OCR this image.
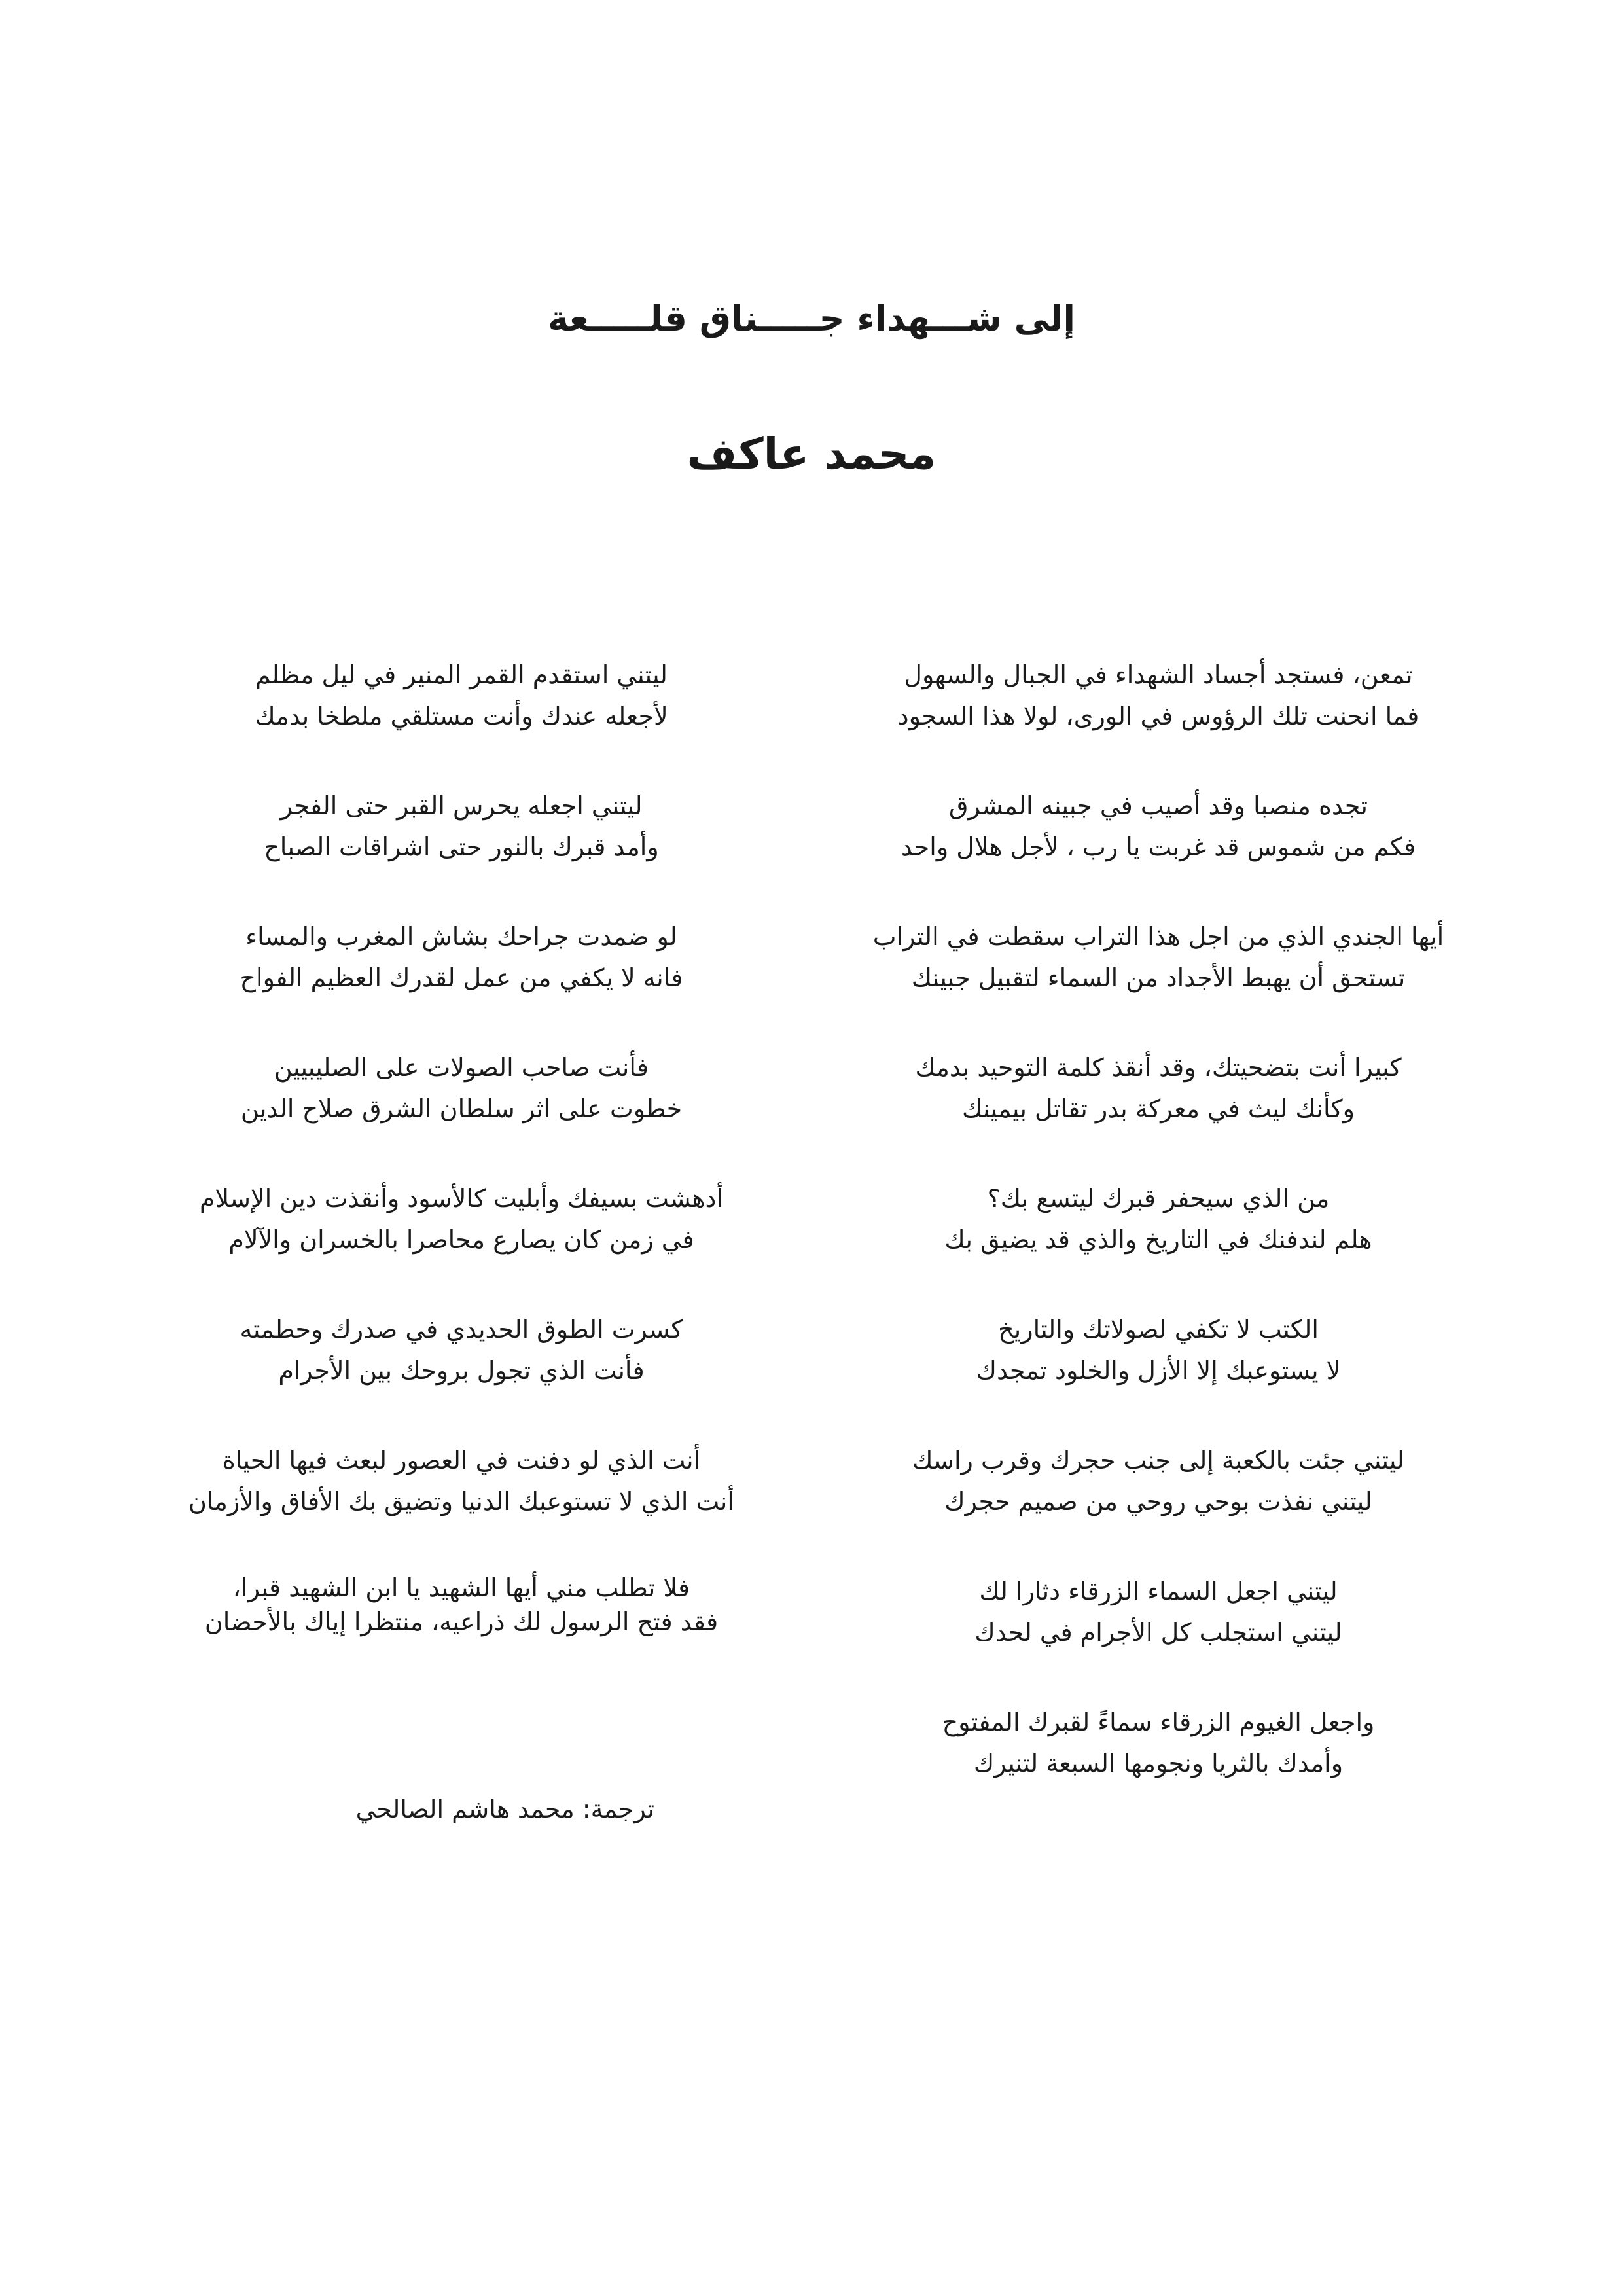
إلى شـــهداء جـــــناق قلـــــعة
محمد عاكف
تمعن، فستجد أجساد الشهداء في الجبال والسهول
فما انحنت تلك الرؤوس في الورى، لولا هذا السجود
تجده منصبا وقد أصيب في جبينه المشرق
فكم من شموس قد غربت يا رب ، لأجل هلال واحد
أيها الجندي الذي من اجل هذا التراب سقطت في التراب
تستحق أن يهبط الأجداد من السماء لتقبيل جبينك
كبيرا أنت بتضحيتك، وقد أنقذ كلمة التوحيد بدمك
وكأنك ليث في معركة بدر تقاتل بيمينك
من الذي سيحفر قبرك ليتسع بك؟
هلم لندفنك في التاريخ والذي قد يضيق بك
الكتب لا تكفي لصولاتك والتاريخ
لا يستوعبك إلا الأزل والخلود تمجدك
ليتني جئت بالكعبة إلى جنب حجرك وقرب راسك
ليتني نفذت بوحي روحي من صميم حجرك
ليتني اجعل السماء الزرقاء دثارا لك
ليتني استجلب كل الأجرام في لحدك
واجعل الغيوم الزرقاء سماءً لقبرك المفتوح
وأمدك بالثريا ونجومها السبعة لتنيرك
ليتني استقدم القمر المنير في ليل مظلم
لأجعله عندك وأنت مستلقي ملطخا بدمك
ليتني اجعله يحرس القبر حتى الفجر
وأمد قبرك بالنور حتى اشراقات الصباح
لو ضمدت جراحك بشاش المغرب والمساء
فانه لا يكفي من عمل لقدرك العظيم الفواح
فأنت صاحب الصولات على الصليبيين
خطوت على اثر سلطان الشرق صلاح الدين
أدهشت بسيفك وأبليت كالأسود وأنقذت دين الإسلام
في زمن كان يصارع محاصرا بالخسران والآلام
كسرت الطوق الحديدي في صدرك وحطمته
فأنت الذي تجول بروحك بين الأجرام
أنت الذي لو دفنت في العصور لبعث فيها الحياة
أنت الذي لا تستوعبك الدنيا وتضيق بك الأفاق والأزمان
فلا تطلب مني أيها الشهيد يا ابن الشهيد قبرا،
فقد فتح الرسول لك ذراعيه، منتظرا إياك بالأحضان
ترجمة: محمد هاشم الصالحي
